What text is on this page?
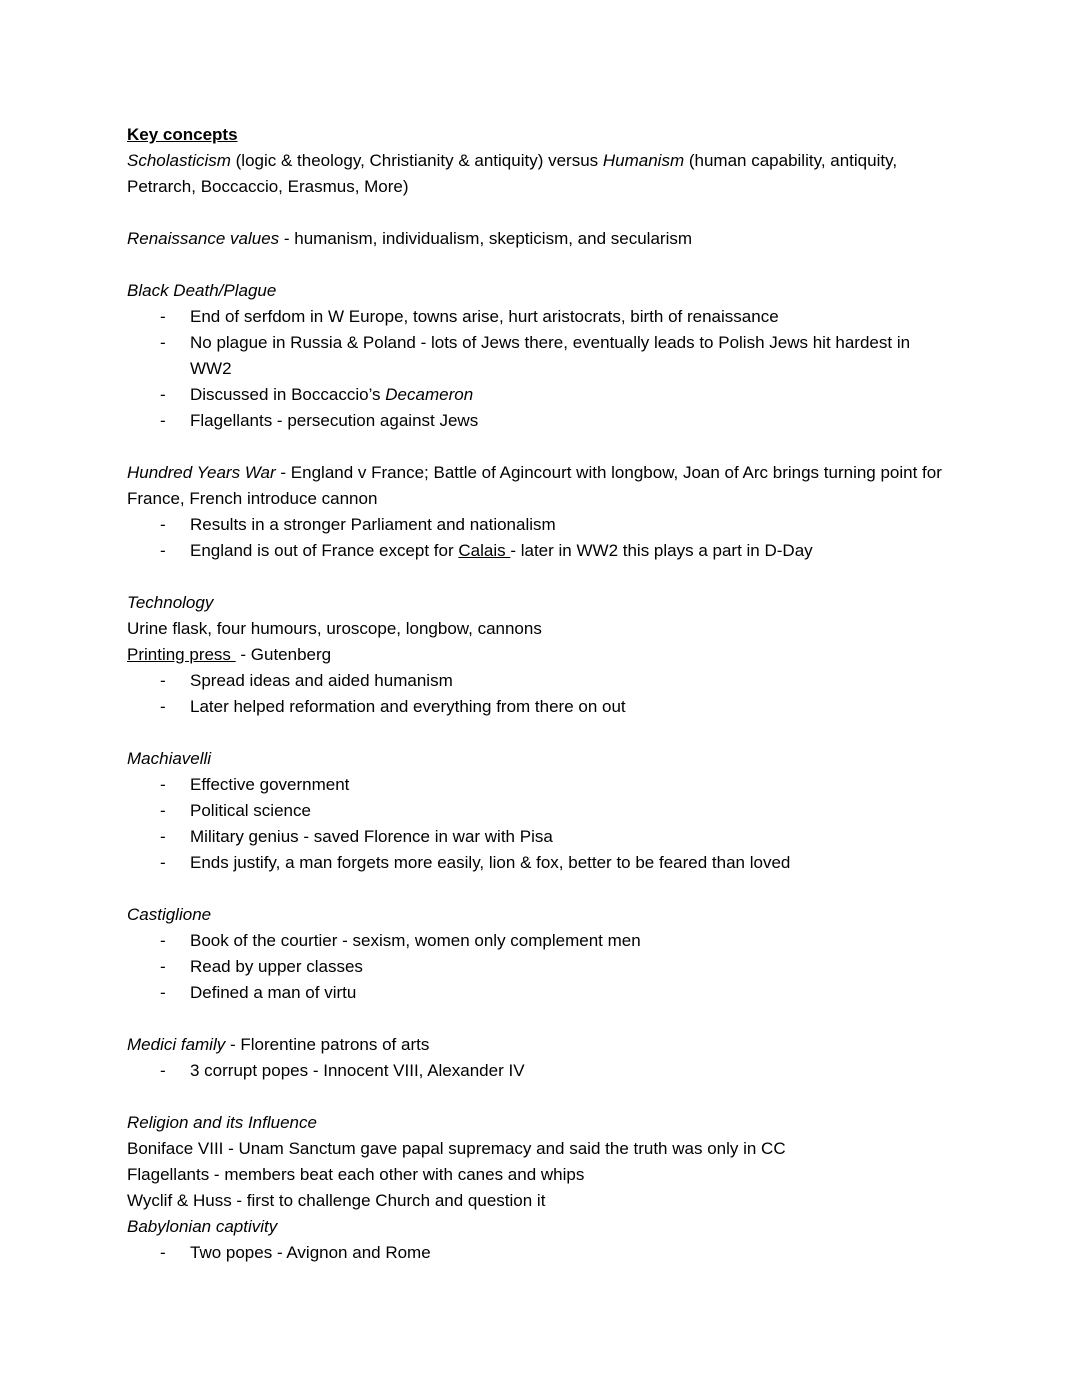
Key concepts
Scholasticism (logic & theology, Christianity & antiquity) versus Humanism (human capability, antiquity, Petrarch, Boccaccio, Erasmus, More)
Renaissance values - humanism, individualism, skepticism, and secularism
Black Death/Plague
-	End of serfdom in W Europe, towns arise, hurt aristocrats, birth of renaissance
-	No plague in Russia & Poland - lots of Jews there, eventually leads to Polish Jews hit hardest in WW2
-	Discussed in Boccaccio’s Decameron
-	Flagellants - persecution against Jews
Hundred Years War - England v France; Battle of Agincourt with longbow, Joan of Arc brings turning point for France, French introduce cannon
-	Results in a stronger Parliament and nationalism
-	England is out of France except for Calais - later in WW2 this plays a part in D-Day
Technology
Urine flask, four humours, uroscope, longbow, cannons
Printing press  - Gutenberg
-	Spread ideas and aided humanism
-	Later helped reformation and everything from there on out
Machiavelli
-	Effective government
-	Political science
-	Military genius - saved Florence in war with Pisa
-	Ends justify, a man forgets more easily, lion & fox, better to be feared than loved
Castiglione
-	Book of the courtier - sexism, women only complement men
-	Read by upper classes
-	Defined a man of virtu
Medici family - Florentine patrons of arts
-	3 corrupt popes - Innocent VIII, Alexander IV
Religion and its Influence
Boniface VIII - Unam Sanctum gave papal supremacy and said the truth was only in CC
Flagellants - members beat each other with canes and whips
Wyclif & Huss - first to challenge Church and question it
Babylonian captivity
-	Two popes - Avignon and Rome
